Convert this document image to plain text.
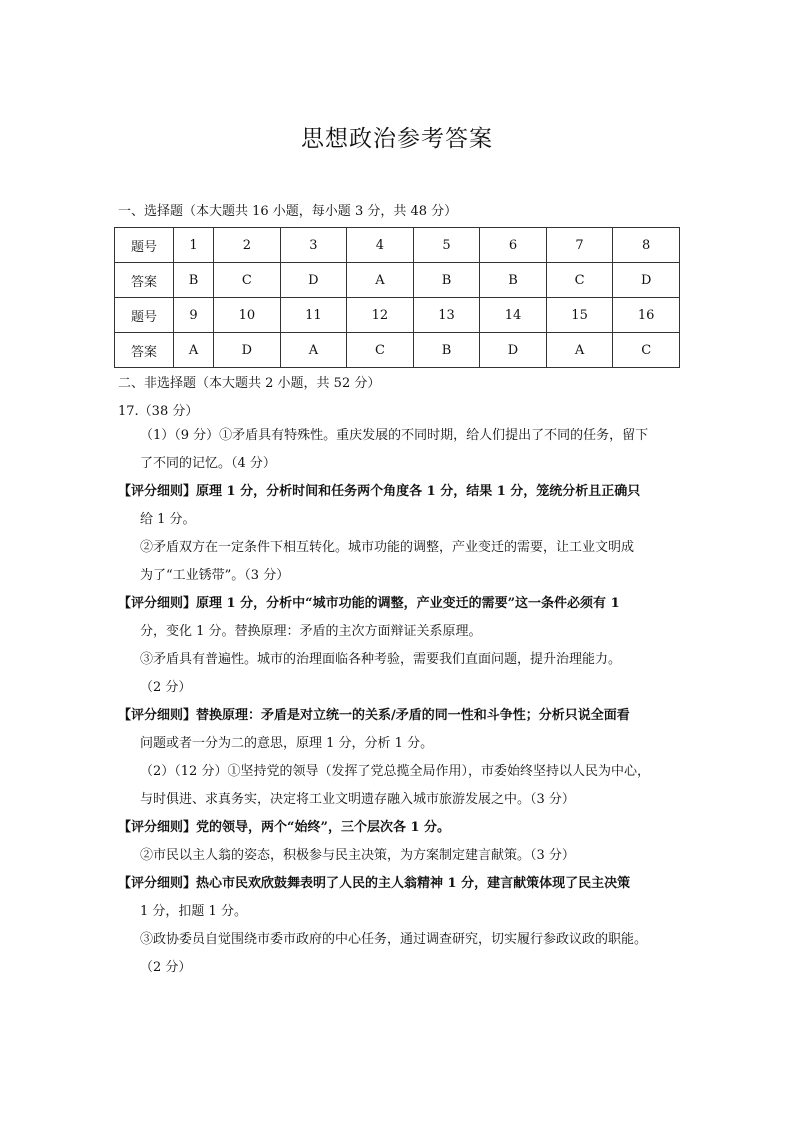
思想政治参考答案
一、选择题（本大题共 16 小题，每小题 3 分，共 48 分）
题号	1	2	3	4	5	6	7	8
答案	B	C	D	A	B	B	C	D
题号	9	10	11	12	13	14	15	16
答案	A	D	A	C	B	D	A	C
二、非选择题（本大题共 2 小题，共 52 分）
17.（38 分）
（1）（9 分）①矛盾具有特殊性。重庆发展的不同时期，给人们提出了不同的任务，留下
了不同的记忆。（4 分）
【评分细则】原理 1 分，分析时间和任务两个角度各 1 分，结果 1 分，笼统分析且正确只
给 1 分。
②矛盾双方在一定条件下相互转化。城市功能的调整，产业变迁的需要，让工业文明成
为了“工业锈带”。（3 分）
【评分细则】原理 1 分，分析中“城市功能的调整，产业变迁的需要”这一条件必须有 1
分，变化 1 分。替换原理：矛盾的主次方面辩证关系原理。
③矛盾具有普遍性。城市的治理面临各种考验，需要我们直面问题，提升治理能力。
（2 分）
【评分细则】替换原理：矛盾是对立统一的关系/矛盾的同一性和斗争性；分析只说全面看
问题或者一分为二的意思，原理 1 分，分析 1 分。
（2）（12 分）①坚持党的领导（发挥了党总揽全局作用），市委始终坚持以人民为中心，
与时俱进、求真务实，决定将工业文明遗存融入城市旅游发展之中。（3 分）
【评分细则】党的领导，两个“始终”，三个层次各 1 分。
②市民以主人翁的姿态，积极参与民主决策，为方案制定建言献策。（3 分）
【评分细则】热心市民欢欣鼓舞表明了人民的主人翁精神 1 分，建言献策体现了民主决策
1 分，扣题 1 分。
③政协委员自觉围绕市委市政府的中心任务，通过调查研究，切实履行参政议政的职能。
（2 分）
